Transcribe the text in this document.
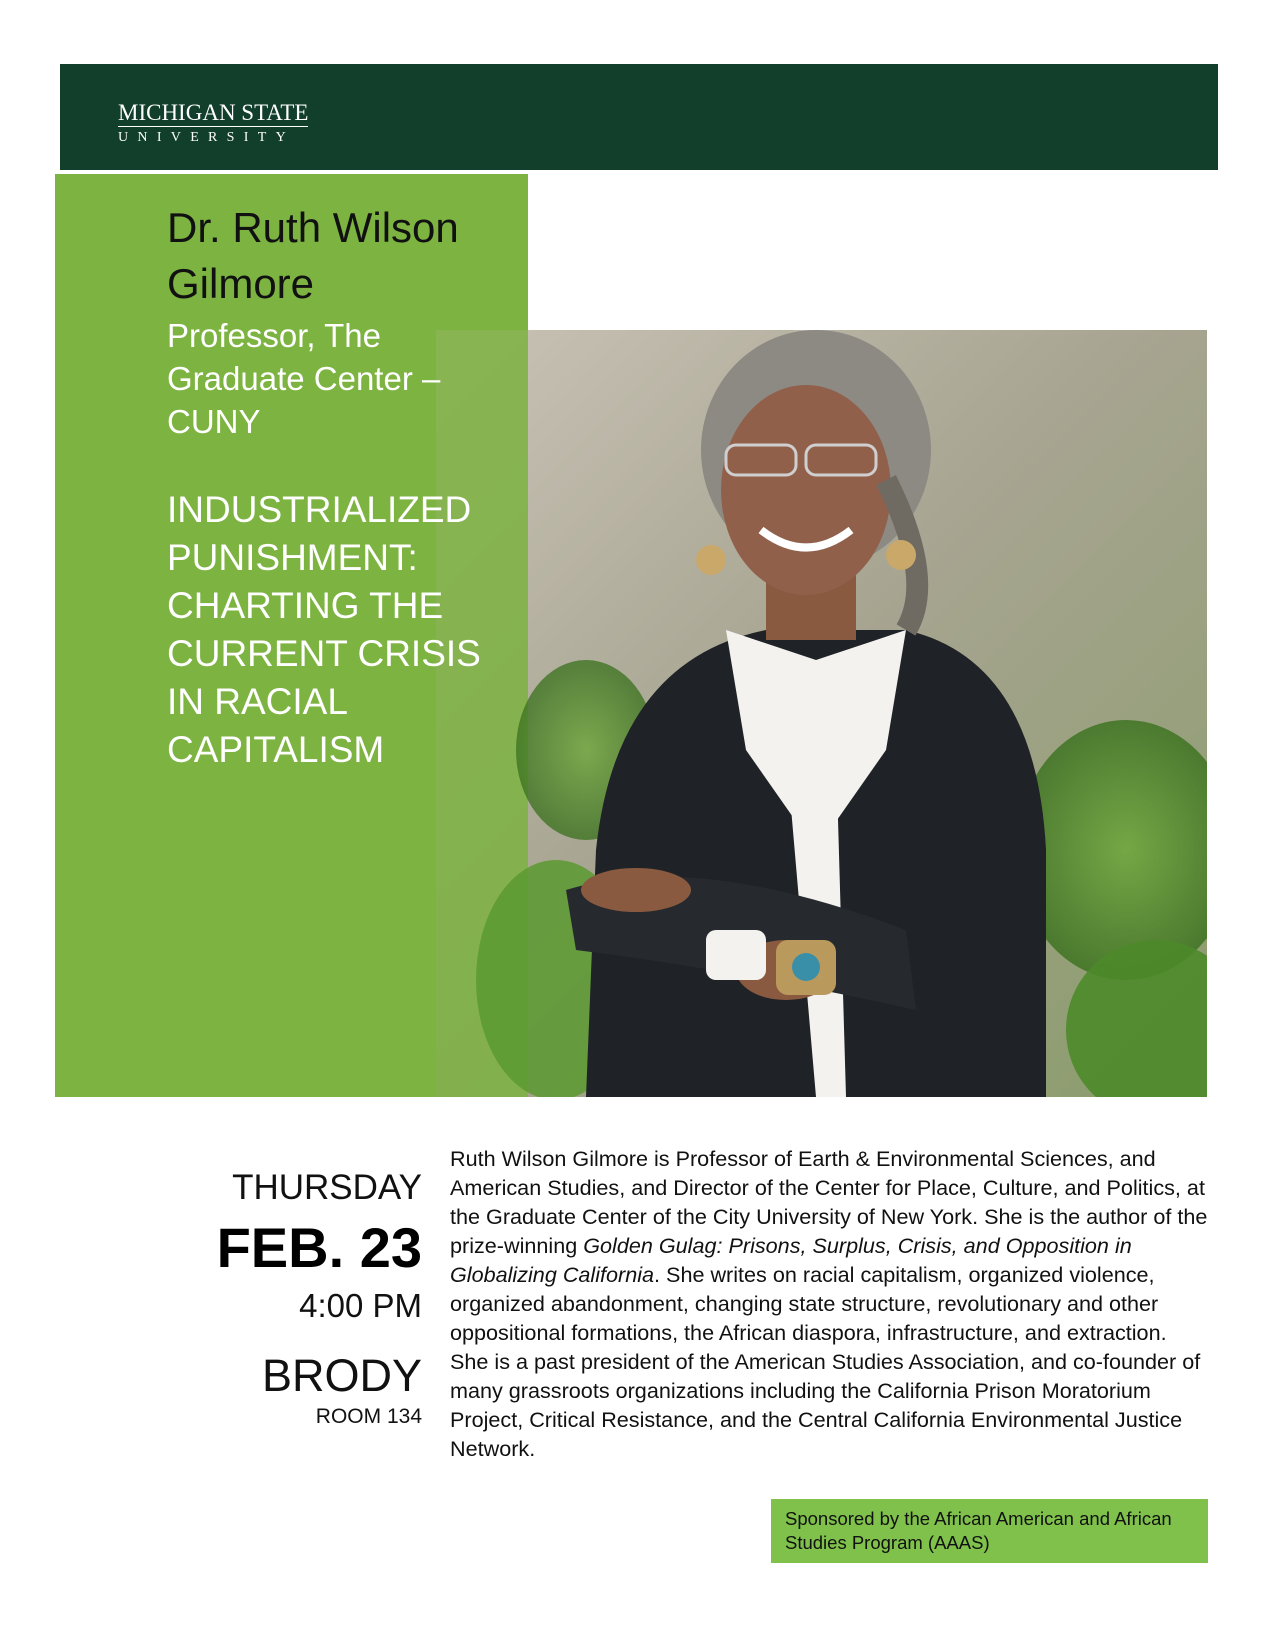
MICHIGAN STATE
UNIVERSITY
Dr. Ruth Wilson Gilmore
Professor, The Graduate Center – CUNY
INDUSTRIALIZED PUNISHMENT: CHARTING THE CURRENT CRISIS IN RACIAL CAPITALISM
THURSDAY
FEB. 23
4:00 PM
BRODY
ROOM 134
Ruth Wilson Gilmore is Professor of Earth & Environmental Sciences, and American Studies, and Director of the Center for Place, Culture, and Politics, at the Graduate Center of the City University of New York. She is the author of the prize-winning Golden Gulag: Prisons, Surplus, Crisis, and Opposition in Globalizing California. She writes on racial capitalism, organized violence, organized abandonment, changing state structure, revolutionary and other oppositional formations, the African diaspora, infrastructure, and extraction. She is a past president of the American Studies Association, and co-founder of many grassroots organizations including the California Prison Moratorium Project, Critical Resistance, and the Central California Environmental Justice Network.
Sponsored by the African American and African Studies Program (AAAS)
